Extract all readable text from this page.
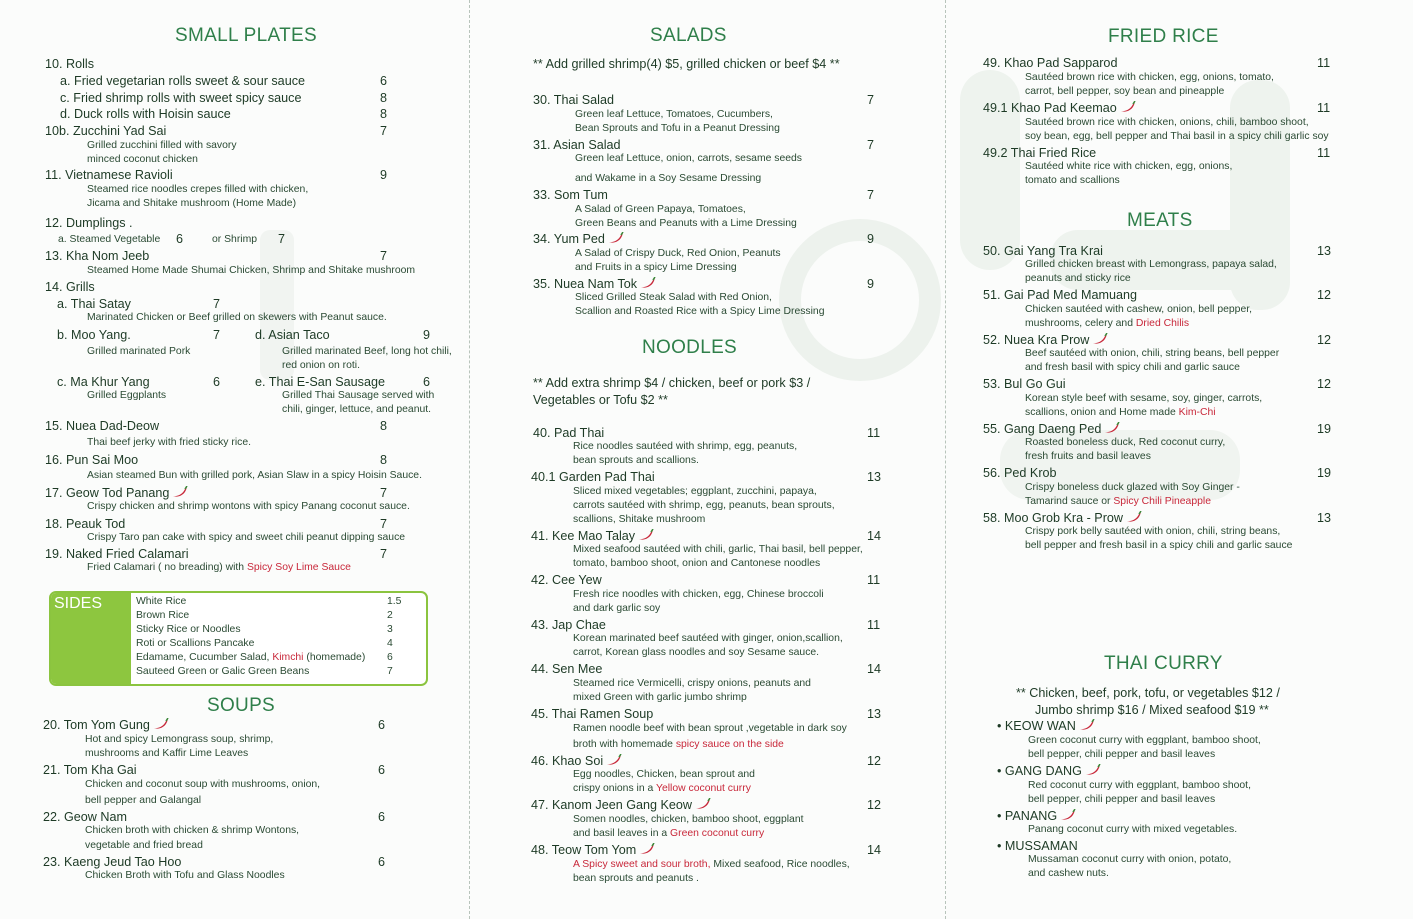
SMALL PLATES
10. Rolls
a. Fried vegetarian rolls sweet & sour sauce	6
c. Fried shrimp rolls with sweet spicy sauce	8
d. Duck rolls with Hoisin sauce	8
10b. Zucchini Yad Sai	7
Grilled zucchini filled with savory
minced coconut chicken
11. Vietnamese Ravioli	9
Steamed rice noodles crepes filled with chicken,
Jicama and Shitake mushroom (Home Made)
12. Dumplings .
a. Steamed Vegetable 6	or Shrimp 7
13. Kha Nom Jeeb	7
Steamed Home Made Shumai Chicken, Shrimp and Shitake mushroom
14. Grills
a. Thai Satay	7
Marinated Chicken or Beef grilled on skewers with Peanut sauce.
b. Moo Yang.	7
Grilled marinated Pork
d. Asian Taco	9
Grilled marinated Beef, long hot chili,
red onion on roti.
c. Ma Khur Yang	6
Grilled Eggplants
e. Thai E-San Sausage	6
Grilled Thai Sausage served with
chili, ginger, lettuce, and peanut.
15. Nuea Dad-Deow	8
Thai beef jerky with fried sticky rice.
16. Pun Sai Moo	8
Asian steamed Bun with grilled pork, Asian Slaw in a spicy Hoisin Sauce.
17. Geow Tod Panang	7
Crispy chicken and shrimp wontons with spicy Panang coconut sauce.
18. Peauk Tod	7
Crispy Taro pan cake with spicy and sweet chili peanut dipping sauce
19. Naked Fried Calamari	7
Fried Calamari ( no breading) with Spicy Soy Lime Sauce
SIDES	White Rice	1.5
Brown Rice	2
Sticky Rice or Noodles	3
Roti or Scallions Pancake	4
Edamame, Cucumber Salad, Kimchi (homemade) 6
Sauteed Green or Galic Green Beans	7
SOUPS
20. Tom Yom Gung	6
Hot and spicy Lemongrass soup, shrimp,
mushrooms and Kaffir Lime Leaves
21. Tom Kha Gai	6
Chicken and coconut soup with mushrooms, onion,
bell pepper and Galangal
22. Geow Nam	6
Chicken broth with chicken & shrimp Wontons,
vegetable and fried bread
23. Kaeng Jeud Tao Hoo	6
Chicken Broth with Tofu and Glass Noodles
SALADS
** Add grilled shrimp(4) $5, grilled chicken or beef $4 **
30. Thai Salad	7
Green leaf Lettuce, Tomatoes, Cucumbers,
Bean Sprouts and Tofu in a Peanut Dressing
31. Asian Salad	7
Green leaf Lettuce, onion, carrots, sesame seeds
and Wakame in a Soy Sesame Dressing
33. Som Tum	7
A Salad of Green Papaya, Tomatoes,
Green Beans and Peanuts with a Lime Dressing
34. Yum Ped	9
A Salad of Crispy Duck, Red Onion, Peanuts
and Fruits in a spicy Lime Dressing
35. Nuea Nam Tok	9
Sliced Grilled Steak Salad with Red Onion,
Scallion and Roasted Rice with a Spicy Lime Dressing
NOODLES
** Add extra shrimp $4 / chicken, beef or pork $3 /
Vegetables or Tofu $2 **
40. Pad Thai	11
Rice noodles sautéed with shrimp, egg, peanuts,
bean sprouts and scallions.
40.1 Garden Pad Thai	13
Sliced mixed vegetables; eggplant, zucchini, papaya,
carrots sautéed with shrimp, egg, peanuts, bean sprouts,
scallions, Shitake mushroom
41. Kee Mao Talay	14
Mixed seafood sautéed with chili, garlic, Thai basil, bell pepper,
tomato, bamboo shoot, onion and Cantonese noodles
42. Cee Yew	11
Fresh rice noodles with chicken, egg, Chinese broccoli
and dark garlic soy
43. Jap Chae	11
Korean marinated beef sautéed with ginger, onion,scallion,
carrot, Korean glass noodles and soy Sesame sauce.
44. Sen Mee	14
Steamed rice Vermicelli, crispy onions, peanuts and
mixed Green with garlic jumbo shrimp
45. Thai Ramen Soup	13
Ramen noodle beef with bean sprout ,vegetable in dark soy
broth with homemade spicy sauce on the side
46. Khao Soi	12
Egg noodles, Chicken, bean sprout and
crispy onions in a Yellow coconut curry
47. Kanom Jeen Gang Keow	12
Somen noodles, chicken, bamboo shoot, eggplant
and basil leaves in a Green coconut curry
48. Teow Tom Yom	14
A Spicy sweet and sour broth, Mixed seafood, Rice noodles,
bean sprouts and peanuts .
FRIED RICE
49. Khao Pad Sapparod	11
Sautéed brown rice with chicken, egg, onions, tomato,
carrot, bell pepper, soy bean and pineapple
49.1 Khao Pad Keemao	11
Sautéed brown rice with chicken, onions, chili, bamboo shoot,
soy bean, egg, bell pepper and Thai basil in a spicy chili garlic soy
49.2 Thai Fried Rice	11
Sautéed white rice with chicken, egg, onions,
tomato and scallions
MEATS
50. Gai Yang Tra Krai	13
Grilled chicken breast with Lemongrass, papaya salad,
peanuts and sticky rice
51. Gai Pad Med Mamuang	12
Chicken sautéed with cashew, onion, bell pepper,
mushrooms, celery and Dried Chilis
52. Nuea Kra Prow	12
Beef sautéed with onion, chili, string beans, bell pepper
and fresh basil with spicy chili and garlic sauce
53. Bul Go Gui	12
Korean style beef with sesame, soy, ginger, carrots,
scallions, onion and Home made Kim-Chi
55. Gang Daeng Ped	19
Roasted boneless duck, Red coconut curry,
fresh fruits and basil leaves
56. Ped Krob	19
Crispy boneless duck glazed with Soy Ginger -
Tamarind sauce or Spicy Chili Pineapple
58. Moo Grob Kra - Prow	13
Crispy pork belly sautéed with onion, chili, string beans,
bell pepper and fresh basil in a spicy chili and garlic sauce
THAI CURRY
** Chicken, beef, pork, tofu, or vegetables $12 /
Jumbo shrimp $16 / Mixed seafood $19 **
• KEOW WAN
Green coconut curry with eggplant, bamboo shoot,
bell pepper, chili pepper and basil leaves
• GANG DANG
Red coconut curry with eggplant, bamboo shoot,
bell pepper, chili pepper and basil leaves
• PANANG
Panang coconut curry with mixed vegetables.
• MUSSAMAN
Mussaman coconut curry with onion, potato,
and cashew nuts.
